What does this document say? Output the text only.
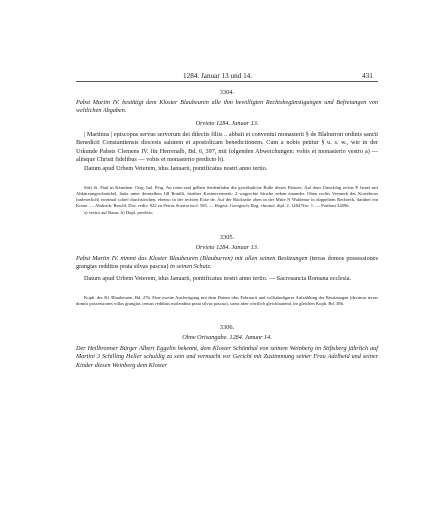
1284. Januar 13 und 14.	431
3304.
Pabst Martin IV. bestätigt dem Kloster Blaubeuren alle ihm bewilligten Rechtsbegünstigungen und Befreiungen von weltlichen Abgaben.
Orvieto 1284. Januar 13.

| Martinus | episcopus servus servorum dei dilectis filiis .. abbati et conventui monasterii § de Blaburron ordinis sancti Benedicti Constantiensis diocesis salutem et apostolicam benedictionem. Cum a nobis petitur § u. s. w., wie in der Urkunde Pabsts Clemens IV. für Herrenalb, Bd. 6, 397, mit folgenden Abweichungen: vobis et monasterio vestro a) — aliisque Christi fidelibus — vobis et monasterio predicto b).

Datum apud Urbem Veterem, idus Januarii, pontificatus nostri anno tertio.

Stift St. Paul in Kärnthen. Orig. bul. Perg. An roten und gelben Seidenfäden die gewöhnliche Bulle dieses Pabstes. Auf dem Umschlag rechts P. benet mit Abkürzungsschnörkel, links unter demselben Jill Bonilli, darüber Kostenvermerk: 2 wagrechte Striche neben einander. Oben rechts Vermerk des Korrektors (unleserlich) zweimal schief durchstrichen, ebenso in der rechten Ecke de. Auf der Rückseite oben in der Mitte N Waldense in doppeltem Rechteck, darüber ein Kreuz. — Abdruck: Beschl, Doc. rediv. 922 zu Petrus Soertia excl. 583. — Regest: Georgisch, Reg. chronol. dipl. 2, 1284 Nro. 1. — Potthast 22096.

a) vestro auf Rasur. b) Dupl. predicto.

3305.
Orvieto 1284. Januar 13.
Pabst Martin IV. nimmt das Kloster Blaubeuren (Blauburren) mit allen seinen Besitzungen (terras domos possessiones grangias redditus prata silvas pascua) in seinen Schutz.
Datum apud Urbem Veterem, idus Januarii, pontificatus nostri anno tertio. — Sacrosancta Romana ecclesia.
Kopb. des Kl. Blaubeuren, Bd. 27b. Eine zweite Ausfertigung mit dem Datum idus Februarii und vollständigerer Aufzählung der Besitzungen (decimas terras domos possessiones villas grangias census redditus molendina prata silvas pascua), sonst aber wörtlich gleichlautend, im gleichen Kopb. Bd. 38b.
3306.
Ohne Ortsangabe. 1284. Januar 14.
Der Heilbronner Bürger Albert Eggelin bekennt, dem Kloster Schönthal von seinem Weinberg im Stiftsberg jährlich auf Martini 3 Schilling Heller schuldig zu sein und vermacht vor Gericht mit Zustimmung seiner Frau Adelheid und seiner Kinder diesen Weinberg dem Kloster
